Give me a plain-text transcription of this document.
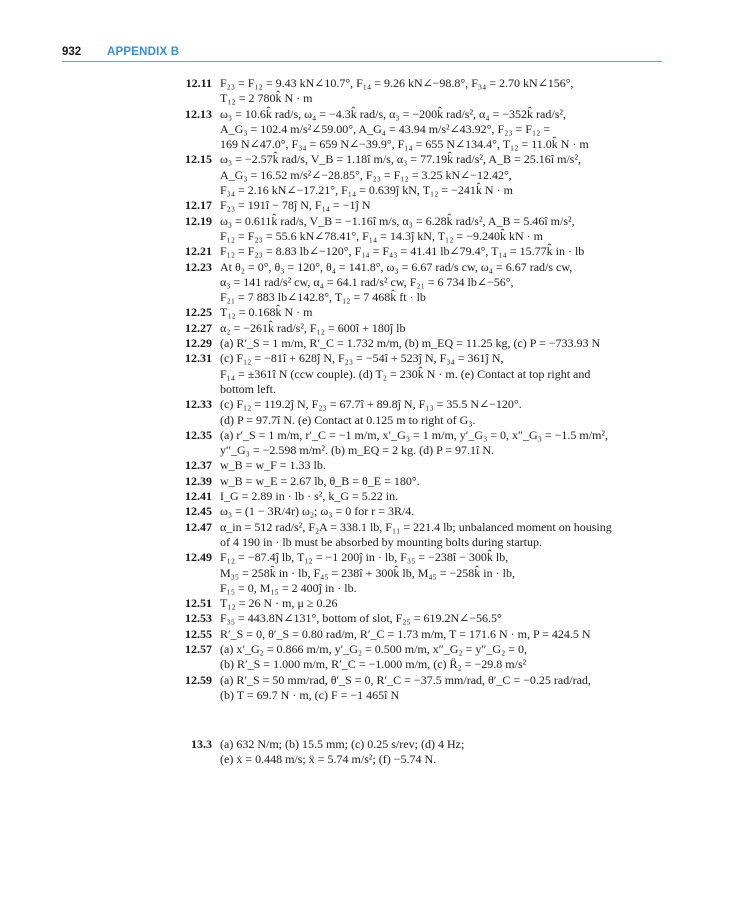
932 APPENDIX B
12.11 F₂₃ = F₁₂ = 9.43 kN∠10.7°, F₁₄ = 9.26 kN∠−98.8°, F₃₄ = 2.70 kN∠156°,
T₁₂ = 2 780k̂ N · m
12.13 ω₃ = 10.6k̂ rad/s, ω₄ = −4.3k̂ rad/s, α₃ = −200k̂ rad/s², α₄ = −352k̂ rad/s²,
A_G₃ = 102.4 m/s²∠59.00°, A_G₄ = 43.94 m/s²∠43.92°, F₂₃ = F₁₂ =
169 N∠47.0°, F₃₄ = 659 N∠−39.9°, F₁₄ = 655 N∠134.4°, T₁₂ = 11.0k̂ N · m
12.15 ω₃ = −2.57k̂ rad/s, V_B = 1.18î m/s, α₃ = 77.19k̂ rad/s², A_B = 25.16î m/s²,
A_G₃ = 16.52 m/s²∠−28.85°, F₂₃ = F₁₂ = 3.25 kN∠−12.42°,
F₃₄ = 2.16 kN∠−17.21°, F₁₄ = 0.639ĵ kN, T₁₂ = −241k̂ N · m
12.17 F₂₃ = 191î − 78ĵ N, F₁₄ = −1ĵ N
12.19 ω₃ = 0.611k̂ rad/s, V_B = −1.16î m/s, α₃ = 6.28k̂ rad/s², A_B = 5.46î m/s²,
F₁₂ = F₂₃ = 55.6 kN∠78.41°, F₁₄ = 14.3ĵ kN, T₁₂ = −9.240k̂ kN · m
12.21 F₁₂ = F₂₃ = 8.83 lb∠−120°, F₁₄ = F₄₃ = 41.41 lb∠79.4°, T₁₄ = 15.77k̂ in · lb
12.23 At θ₂ = 0°, θ₃ = 120°, θ₄ = 141.8°, ω₃ = 6.67 rad/s cw, ω₄ = 6.67 rad/s cw,
α₃ = 141 rad/s² cw, α₄ = 64.1 rad/s² cw, F₂₁ = 6 734 lb∠−56°,
F₂₁ = 7 883 lb∠142.8°, T₁₂ = 7 468k̂ ft · lb
12.25 T₁₂ = 0.168k̂ N · m
12.27 α₂ = −261k̂ rad/s², F₁₂ = 600î + 180ĵ lb
12.29 (a) R′_S = 1 m/m, R′_C = 1.732 m/m, (b) m_EQ = 11.25 kg, (c) P = −733.93 N
12.31 (c) F₁₂ = −81î + 628ĵ N, F₂₃ = −54î + 523ĵ N, F₃₄ = 361ĵ N,
F₁₄ = ±361î N (ccw couple). (d) T₂ = 230k̂ N · m. (e) Contact at top right and
bottom left.
12.33 (c) F₁₂ = 119.2ĵ N, F₂₃ = 67.7î + 89.8ĵ N, F₁₃ = 35.5 N∠−120°.
(d) P = 97.7î N. (e) Contact at 0.125 m to right of G₃.
12.35 (a) r′_S = 1 m/m, r′_C = −1 m/m, x′_G₃ = 1 m/m, y′_G₃ = 0, x″_G₃ = −1.5 m/m²,
y″_G₃ = −2.598 m/m². (b) m_EQ = 2 kg. (d) P = 97.1î N.
12.37 w_B = w_F = 1.33 lb.
12.39 w_B = w_E = 2.67 lb, θ_B = θ_E = 180°.
12.41 I_G = 2.89 in · lb · s², k_G = 5.22 in.
12.45 ω₃ = (1 − 3R/4r) ω₂; ω₃ = 0 for r = 3R/4.
12.47 α_in = 512 rad/s², F₂A = 338.1 lb, F₁₁ = 221.4 lb; unbalanced moment on housing
of 4 190 in · lb must be absorbed by mounting bolts during startup.
12.49 F₁₂ = −87.4ĵ lb, T₁₂ = −1 200ĵ in · lb, F₃₅ = −238î − 300k̂ lb,
M₃₅ = 258k̂ in · lb, F₄₅ = 238î + 300k̂ lb, M₄₅ = −258k̂ in · lb,
F₁₅ = 0, M₁₅ = 2 400ĵ in · lb.
12.51 T₁₂ = 26 N · m, μ ≥ 0.26
12.53 F₃₅ = 443.8N∠131°, bottom of slot, F₂₅ = 619.2N∠−56.5°
12.55 R′_S = 0, θ′_S = 0.80 rad/m, R′_C = 1.73 m/m, T = 171.6 N · m, P = 424.5 N
12.57 (a) x′_G₂ = 0.866 m/m, y′_G₂ = 0.500 m/m, x″_G₂ = y″_G₂ = 0,
(b) R′_S = 1.000 m/m, R′_C = −1.000 m/m, (c) R̈₂ = −29.8 m/s²
12.59 (a) R′_S = 50 mm/rad, θ′_S = 0, R′_C = −37.5 mm/rad, θ′_C = −0.25 rad/rad,
(b) T = 69.7 N · m, (c) F = −1 465î N
13.3 (a) 632 N/m; (b) 15.5 mm; (c) 0.25 s/rev; (d) 4 Hz;
(e) ẋ = 0.448 m/s; ẍ = 5.74 m/s²; (f) −5.74 N.
